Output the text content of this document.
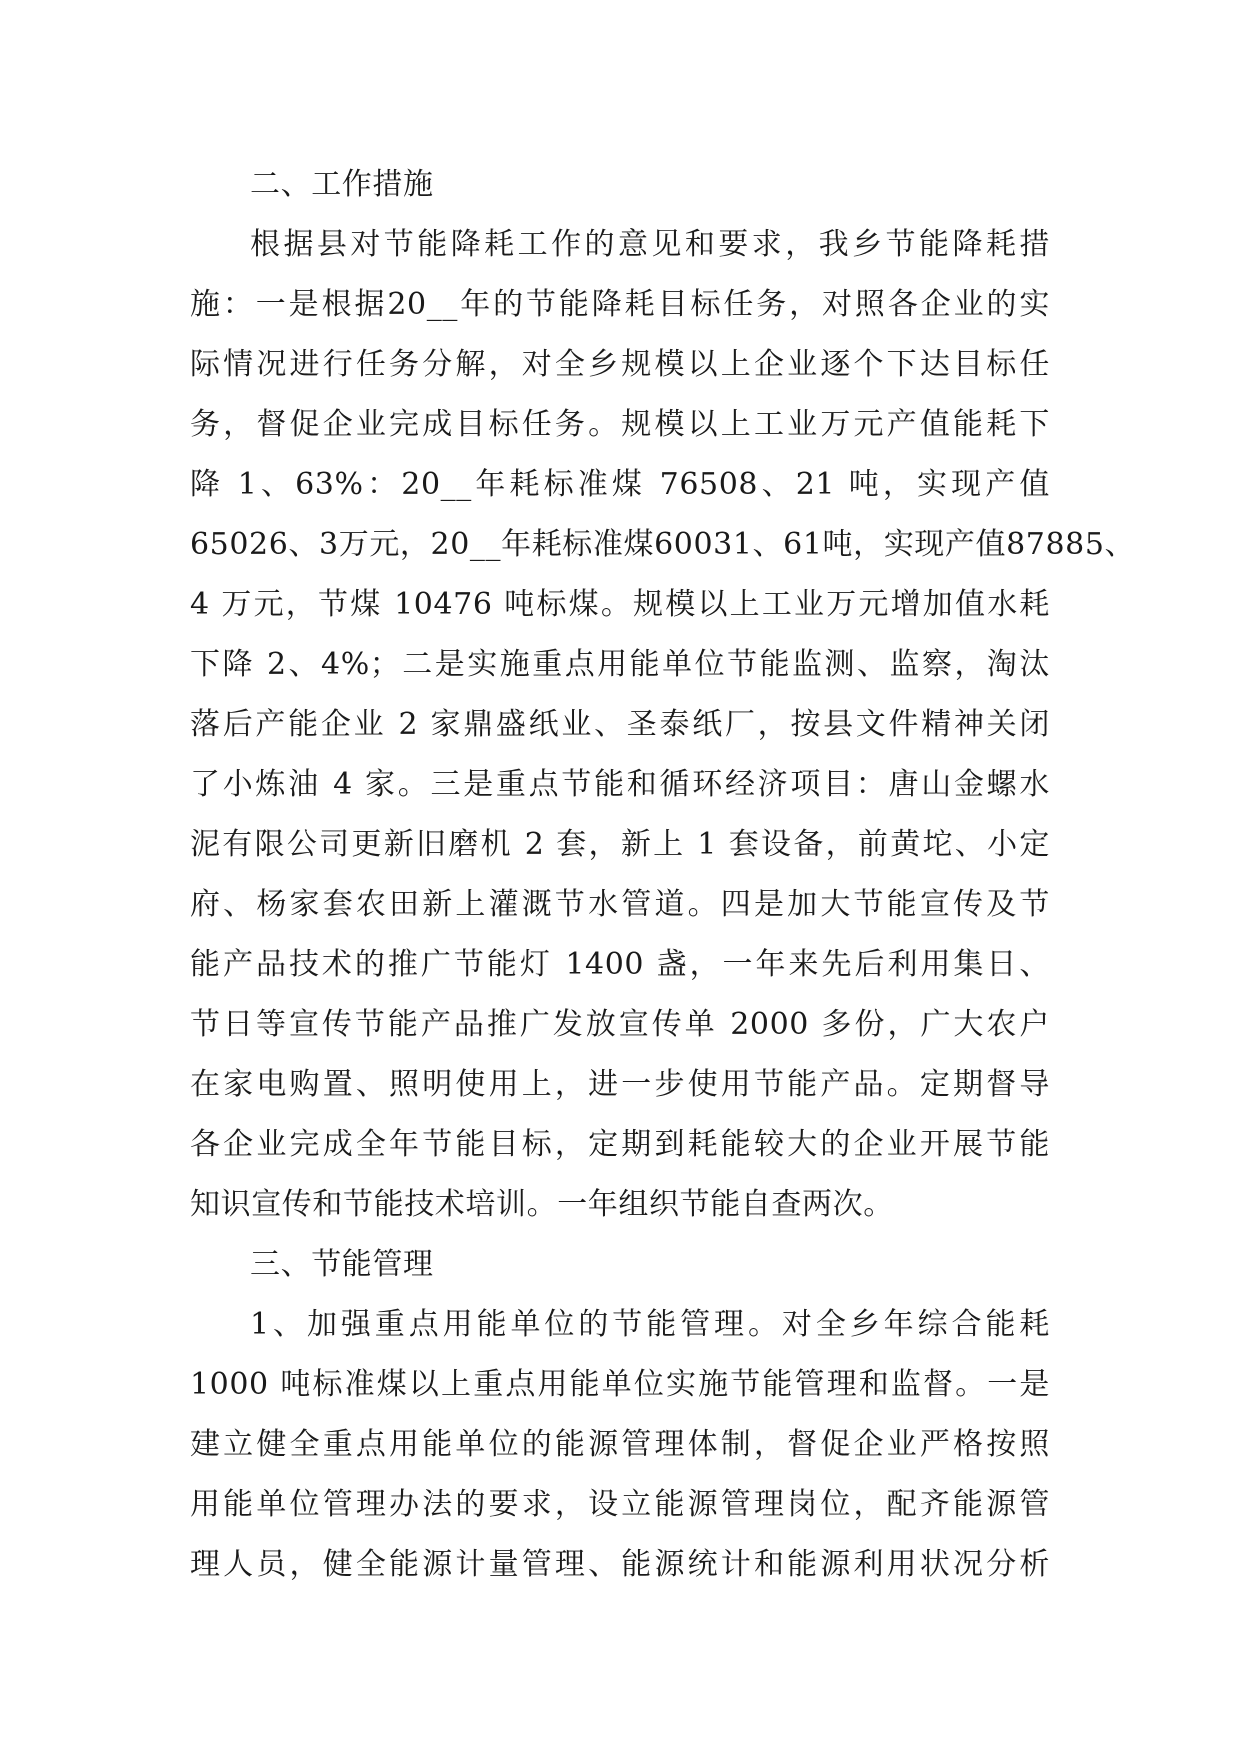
二、工作措施
根据县对节能降耗工作的意见和要求，我乡节能降耗措
施：一是根据20__年的节能降耗目标任务，对照各企业的实
际情况进行任务分解，对全乡规模以上企业逐个下达目标任
务，督促企业完成目标任务。规模以上工业万元产值能耗下
降 1、63%：20__年耗标准煤 76508、21 吨，实现产值
65026、3万元，20__年耗标准煤60031、61吨，实现产值87885、
4 万元，节煤 10476 吨标煤。规模以上工业万元增加值水耗
下降 2、4%；二是实施重点用能单位节能监测、监察，淘汰
落后产能企业 2 家鼎盛纸业、圣泰纸厂，按县文件精神关闭
了小炼油 4 家。三是重点节能和循环经济项目：唐山金螺水
泥有限公司更新旧磨机 2 套，新上 1 套设备，前黄坨、小定
府、杨家套农田新上灌溉节水管道。四是加大节能宣传及节
能产品技术的推广节能灯 1400 盏，一年来先后利用集日、
节日等宣传节能产品推广发放宣传单 2000 多份，广大农户
在家电购置、照明使用上，进一步使用节能产品。定期督导
各企业完成全年节能目标，定期到耗能较大的企业开展节能
知识宣传和节能技术培训。一年组织节能自查两次。
三、节能管理
1、加强重点用能单位的节能管理。对全乡年综合能耗
1000 吨标准煤以上重点用能单位实施节能管理和监督。一是
建立健全重点用能单位的能源管理体制，督促企业严格按照
用能单位管理办法的要求，设立能源管理岗位，配齐能源管
理人员，健全能源计量管理、能源统计和能源利用状况分析
